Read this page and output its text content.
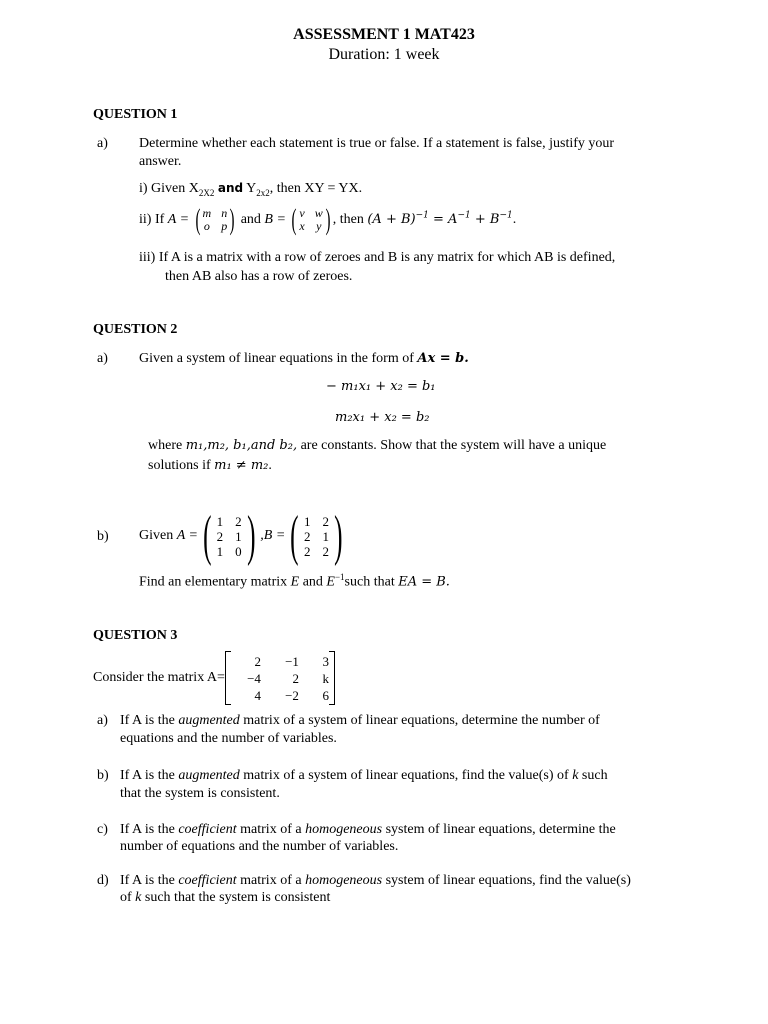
ASSESSMENT 1 MAT423
Duration: 1 week
QUESTION 1
a) Determine whether each statement is true or false. If a statement is false, justify your
answer.
i) Given $X_{2X2}$ and $Y_{2x2}$, then XY = YX.
ii) If A = ( m n
o p ) and B = ( v w
x y ) , then $(A + B)^{-1} = A^{-1} + B^{-1}$.
iii) If A is a matrix with a row of zeroes and B is any matrix for which AB is defined,
then AB also has a row of zeroes.
QUESTION 2
a) Given a system of linear equations in the form of Ax = b.
− m₁x₁ + x₂ = b₁
m₂x₁ + x₂ = b₂
where m₁,m₂, b₁,and b₂, are constants. Show that the system will have a unique
solutions if m₁ ≠ m₂.
b) Given
A = ( 1 2
2 1
1 0 ) ,B = ( 1 2
2 1
2 2 )
Find an elementary matrix E and $E^{-1}such$ that EA = B.
QUESTION 3
Consider the matrix A=
2	−1	3
−4	2	k
4	−2	6
a) If A is the augmented matrix of a system of linear equations, determine the number of
equations and the number of variables.
b) If A is the augmented matrix of a system of linear equations, find the value(s) of k such
that the system is consistent.
c) If A is the coefficient matrix of a homogeneous system of linear equations, determine the
number of equations and the number of variables.
d) If A is the coefficient matrix of a homogeneous system of linear equations, find the value(s)
of k such that the system is consistent
